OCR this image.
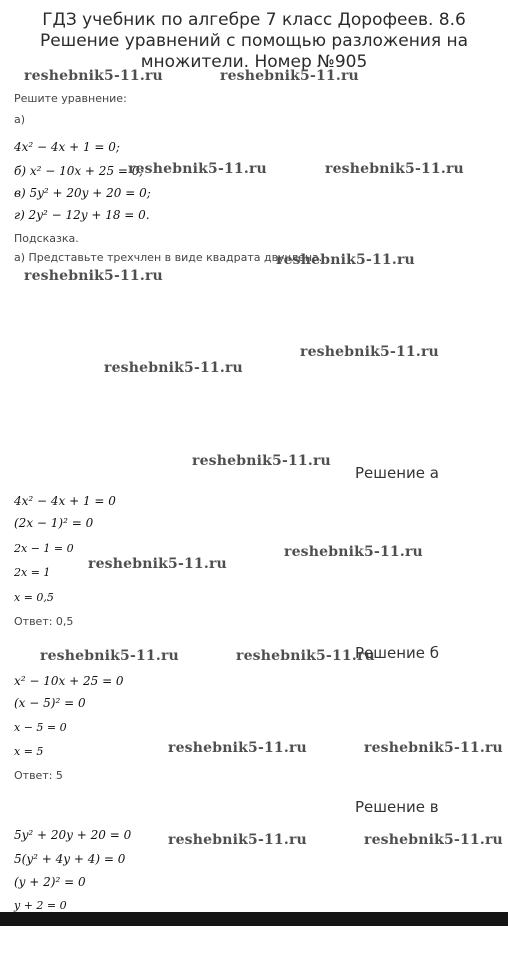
ГДЗ учебник по алгебре 7 класс Дорофеев. 8.6 Решение уравнений с помощью разложения на множители. Номер №905
reshebnik5-11.ru	reshebnik5-11.ru
Решите уравнение:
а)
4x² − 4x + 1 = 0;
б) x² − 10x + 25 = 0;
reshebnik5-11.ru	reshebnik5-11.ru
в) 5y² + 20y + 20 = 0;
г) 2y² − 12y + 18 = 0.
Подсказка.
а) Представьте трехчлен в виде квадрата двучлена.
reshebnik5-11.ru
reshebnik5-11.ru
reshebnik5-11.ru
reshebnik5-11.ru
reshebnik5-11.ru
Решение а
4x² − 4x + 1 = 0
(2x − 1)² = 0
2x − 1 = 0	reshebnik5-11.ru
reshebnik5-11.ru
2x = 1
x = 0,5
Ответ: 0,5
reshebnik5-11.ru	reshebnik5-11.ru
Решение б
x² − 10x + 25 = 0
(x − 5)² = 0
x − 5 = 0
reshebnik5-11.ru	reshebnik5-11.ru
x = 5
Ответ: 5
Решение в
5y² + 20y + 20 = 0	reshebnik5-11.ru	reshebnik5-11.ru
5(y² + 4y + 4) = 0
(y + 2)² = 0
y + 2 = 0
